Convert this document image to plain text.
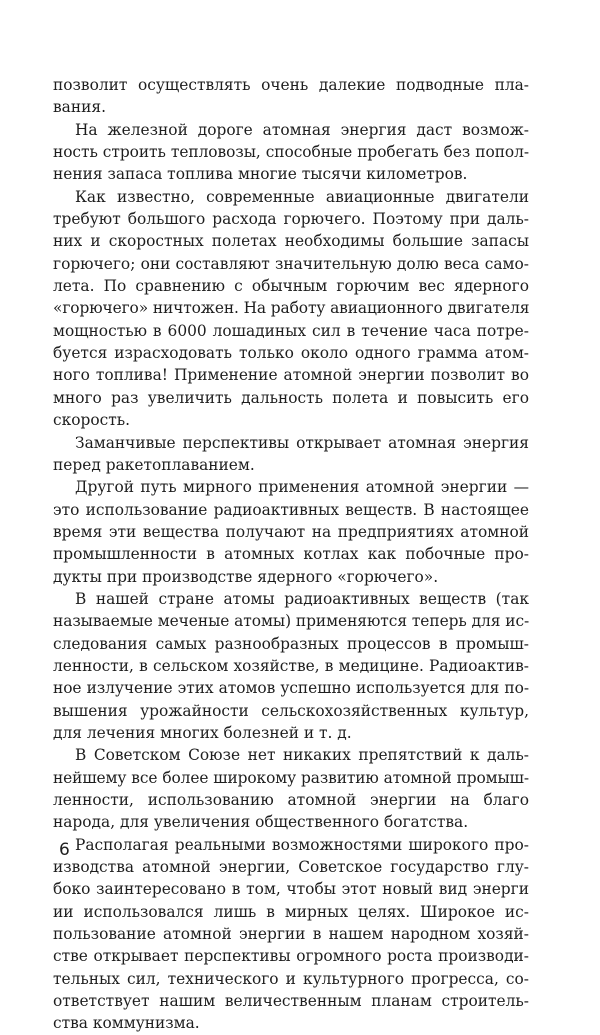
позволит осуществлять очень далекие подводные пла-
вания.

На железной дороге атомная энергия даст возмож-
ность строить тепловозы, способные пробегать без попол-
нения запаса топлива многие тысячи километров.

Как известно, современные авиационные двигатели
требуют большого расхода горючего. Поэтому при даль-
них и скоростных полетах необходимы большие запасы
горючего; они составляют значительную долю веса само-
лета. По сравнению с обычным горючим вес ядерного
«горючего» ничтожен. На работу авиационного двигателя
мощностью в 6000 лошадиных сил в течение часа потре-
буется израсходовать только около одного грамма атом-
ного топлива! Применение атомной энергии позволит во
много раз увеличить дальность полета и повысить его
скорость.

Заманчивые перспективы открывает атомная энергия
перед ракетоплаванием.

Другой путь мирного применения атомной энергии —
это использование радиоактивных веществ. В настоящее
время эти вещества получают на предприятиях атомной
промышленности в атомных котлах как побочные про-
дукты при производстве ядерного «горючего».

В нашей стране атомы радиоактивных веществ (так
называемые меченые атомы) применяются теперь для ис-
следования самых разнообразных процессов в промыш-
ленности, в сельском хозяйстве, в медицине. Радиоактив-
ное излучение этих атомов успешно используется для по-
вышения урожайности сельскохозяйственных культур,
для лечения многих болезней и т. д.

В Советском Союзе нет никаких препятствий к даль-
нейшему все более широкому развитию атомной промыш-
ленности, использованию атомной энергии на благо
народа, для увеличения общественного богатства.

Располагая реальными возможностями широкого про-
изводства атомной энергии, Советское государство глу-
боко заинтересовано в том, чтобы этот новый вид энерги
ии использовался лишь в мирных целях. Широкое ис-
пользование атомной энергии в нашем народном хозяй-
стве открывает перспективы огромного роста производи-
тельных сил, технического и культурного прогресса, со-
ответствует нашим величественным планам строитель-
ства коммунизма.

6
